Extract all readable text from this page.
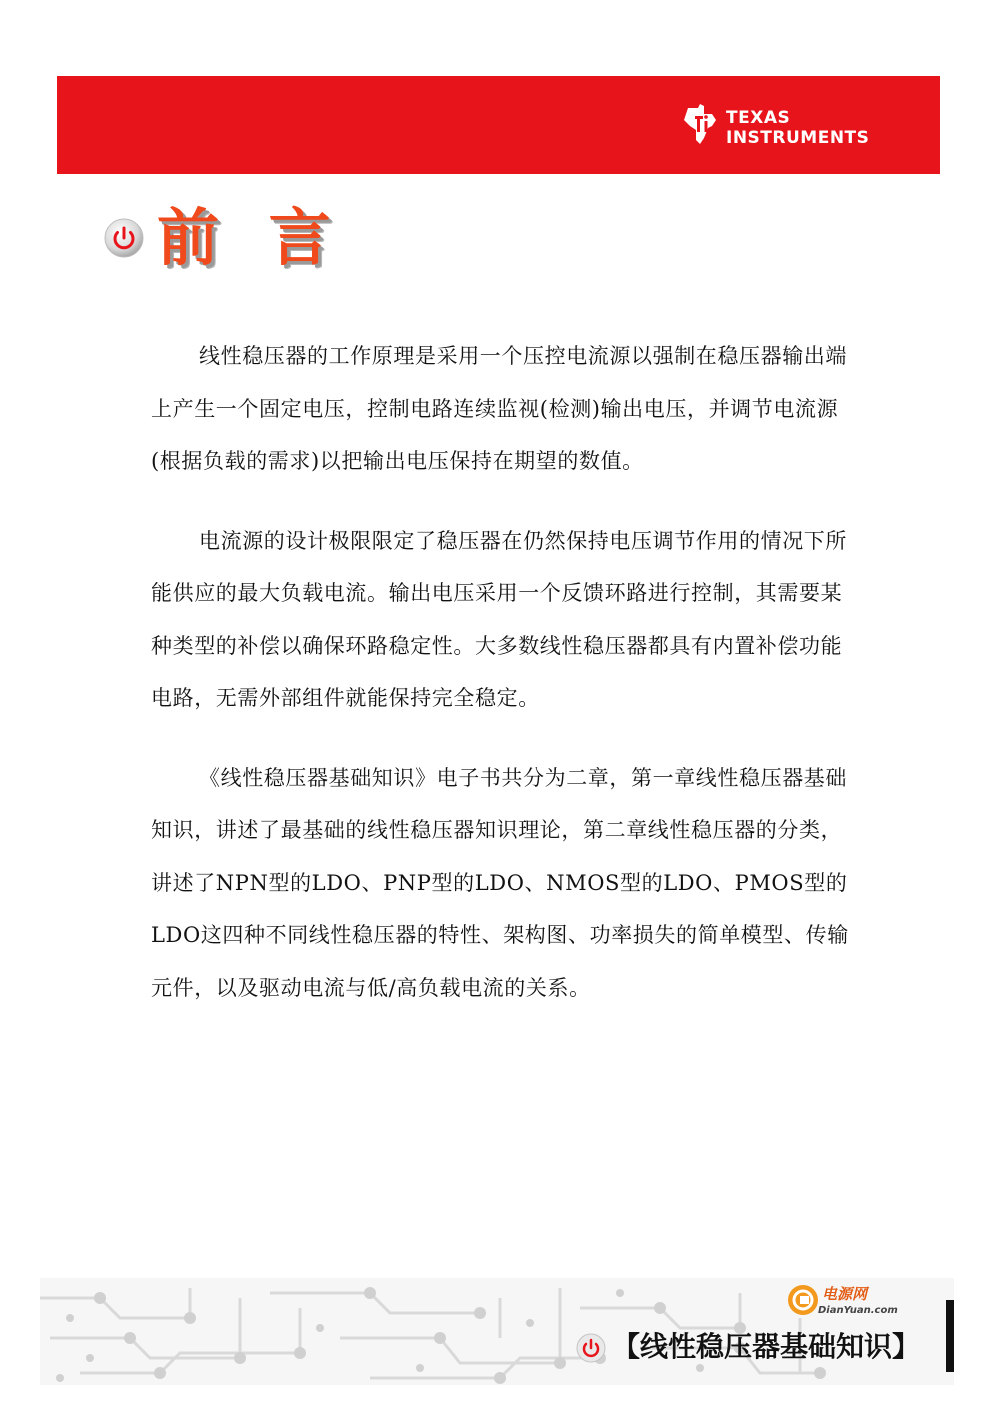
TEXAS
INSTRUMENTS
前 言

线性稳压器的工作原理是采用一个压控电流源以强制在稳压器输出端上产生一个固定电压，控制电路连续监视(检测)输出电压，并调节电流源(根据负载的需求)以把输出电压保持在期望的数值。

电流源的设计极限限定了稳压器在仍然保持电压调节作用的情况下所能供应的最大负载电流。输出电压采用一个反馈环路进行控制，其需要某种类型的补偿以确保环路稳定性。大多数线性稳压器都具有内置补偿功能电路，无需外部组件就能保持完全稳定。

《线性稳压器基础知识》电子书共分为二章，第一章线性稳压器基础知识，讲述了最基础的线性稳压器知识理论，第二章线性稳压器的分类，讲述了NPN型的LDO、PNP型的LDO、NMOS型的LDO、PMOS型的LDO这四种不同线性稳压器的特性、架构图、功率损失的简单模型、传输元件，以及驱动电流与低/高负载电流的关系。

电源网
DianYuan.com
【线性稳压器基础知识】
